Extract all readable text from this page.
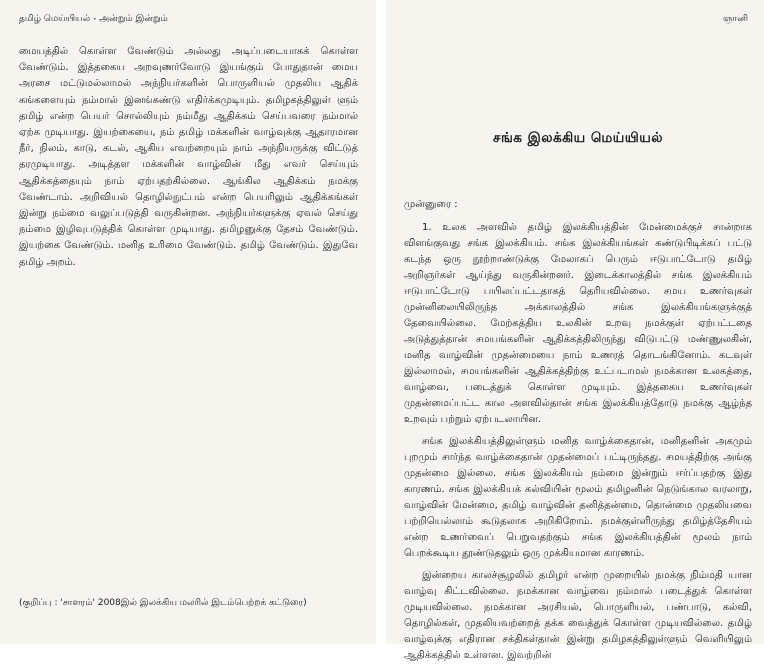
தமிழ் மெய்யியல் - அன்றும் இன்றும்

மையத்தில் கொள்ள வேண்டும் அல்லது அடிப்படையாகக் கொள்ள வேண்டும். இத்தகைய அறவுணர்வோடு இயங்கும் போதுதான் மைய அரசை மட்டுமல்லாமல் அந்நியர்களின் பொருளியல் முதலிய ஆதிக் கங்களையும் நம்மால் இனங்கண்டு எதிர்க்கமுடியும். தமிழகத்திலுள் ளும் தமிழ் என்ற பெயர் சொல்லியும் நம்மீது ஆதிக்கம் செய்பவரை நம்மால் ஏற்க முடியாது. இயற்கையை, நம் தமிழ் மக்களின் வாழ்வுக்கு ஆதாரமான நீர், நிலம், காடு, கடல், ஆகிய எவற்றையும் நாம் அந்நியருக்கு விட்டுத் தரமுடியாது. அடித்தள மக்களின் வாழ்வின் மீது எவர் செய்யும் ஆதிக்கத்தையும் நாம் ஏற்பதற்கில்லை. ஆங்கில ஆதிக்கம் நமக்கு வேண்டாம். அறிவியல் தொழில்நுட்பம் என்ற பெயரிலும் ஆதிக்கங்கள் இன்று நம்மை வலுப்படுத்தி வருகின்றன. அந்நியர்களுக்கு ஏவல் செய்து நம்மை இழிவுபடுத்திக் கொள்ள முடியாது. தமிழனுக்கு தேசம் வேண்டும். இயற்கை வேண்டும். மனித உரிமை வேண்டும். தமிழ் வேண்டும். இதுவே தமிழ் அறம்.

(குறிப்பு : 'சாளரம்' 2008இல் இலக்கிய மலரில் இடம்பெற்றக் கட்டுரை)
ஞானி
சங்க இலக்கிய மெய்யியல்
முன்னுரை :

1. உலக அளவில் தமிழ் இலக்கியத்தின் மேன்மைக்குச் சான்றாக விளங்குவது சங்க இலக்கியம். சங்க இலக்கியங்கள் கண்டுபிடிக்கப் பட்டு கடந்த ஒரு நூற்றாண்டுக்கு மேலாகப் பெரும் ஈடுபாட்டோடு தமிழ் அறிஞர்கள் ஆய்ந்து வருகின்றனர். இடைக்காலத்தில் சங்க இலக்கியம் ஈடுபாட்டோடு பயிலப்பட்டதாகத் தெரியவில்லை. சமய உணர்வுகள் முன்னிலையிலிருந்த அக்காலத்தில் சங்க இலக்கியங்களுக்குத் தேவையில்லை. மேற்கத்திய உலகின் உறவு நமக்குள் ஏற்பட்டதை அடுத்துத்தான் சமயங்களின் ஆதிக்கத்திலிருந்து விடுபட்டு மண்ணுலகின், மனித வாழ்வின் முதன்மையை நாம் உணரத் தொடங்கினோம். கடவுள் இல்லாமல், சமயங்களின் ஆதிக்கத்திற்கு உட்படாமல் நமக்கான உலகத்தை, வாழ்வை, படைத்துக் கொள்ள முடியும். இத்தகைய உணர்வுகள் முதன்மைப்பட்ட கால அளவில்தான் சங்க இலக்கியத்தோடு நமக்கு ஆழ்ந்த உறவும் பற்றும் ஏற்படலாயின.

சங்க இலக்கியத்திலுள்ளும் மனித வாழ்க்கைதான், மனிதனின் அகமும் புறமும் சார்ந்த வாழ்க்கைதான் முதன்மைப் பட்டிருந்தது. சமயத்திற்கு அங்கு முதன்மை இல்லை. சங்க இலக்கியம் நம்மை இன்றும் ஈர்ப்பதற்கு இது காரணம். சங்க இலக்கியக் கல்வியின் மூலம் தமிழனின் நெடுங்கால வரலாறு, வாழ்வின் மேன்மை, தமிழ் வாழ்வின் தனித்தன்மை, தொன்மை முதலியவை பற்றியெல்லாம் கூடுதலாக அறிகிறோம். நமக்குள்ளிருந்து தமிழ்த்தேசியம் என்ற உணர்வைப் பெறுவதற்கும் சங்க இலக்கியத்தின் மூலம் நாம் பெறக்கூடிய தூண்டுதலும் ஒரு முக்கியமான காரணம்.

இன்றைய காலச்சூழலில் தமிழர் என்ற முறையில் நமக்கு நிம்மதி யான வாழ்வு கிட்டவில்லை. நமக்கான வாழ்வை நம்மால் படைத்துக் கொள்ள முடியவில்லை. நமக்கான அரசியல், பொருளியல், பண்பாடு, கல்வி, தொழில்கள், முதலியவற்றைத் தக்க வைத்துக் கொள்ள முடியவில்லை. தமிழ் வாழ்வுக்கு எதிரான சக்திகள்தான் இன்று தமிழகத்திலுள்ளும் வெளியிலும் ஆதிக்கத்தில் உள்ளன. இவற்றின்
